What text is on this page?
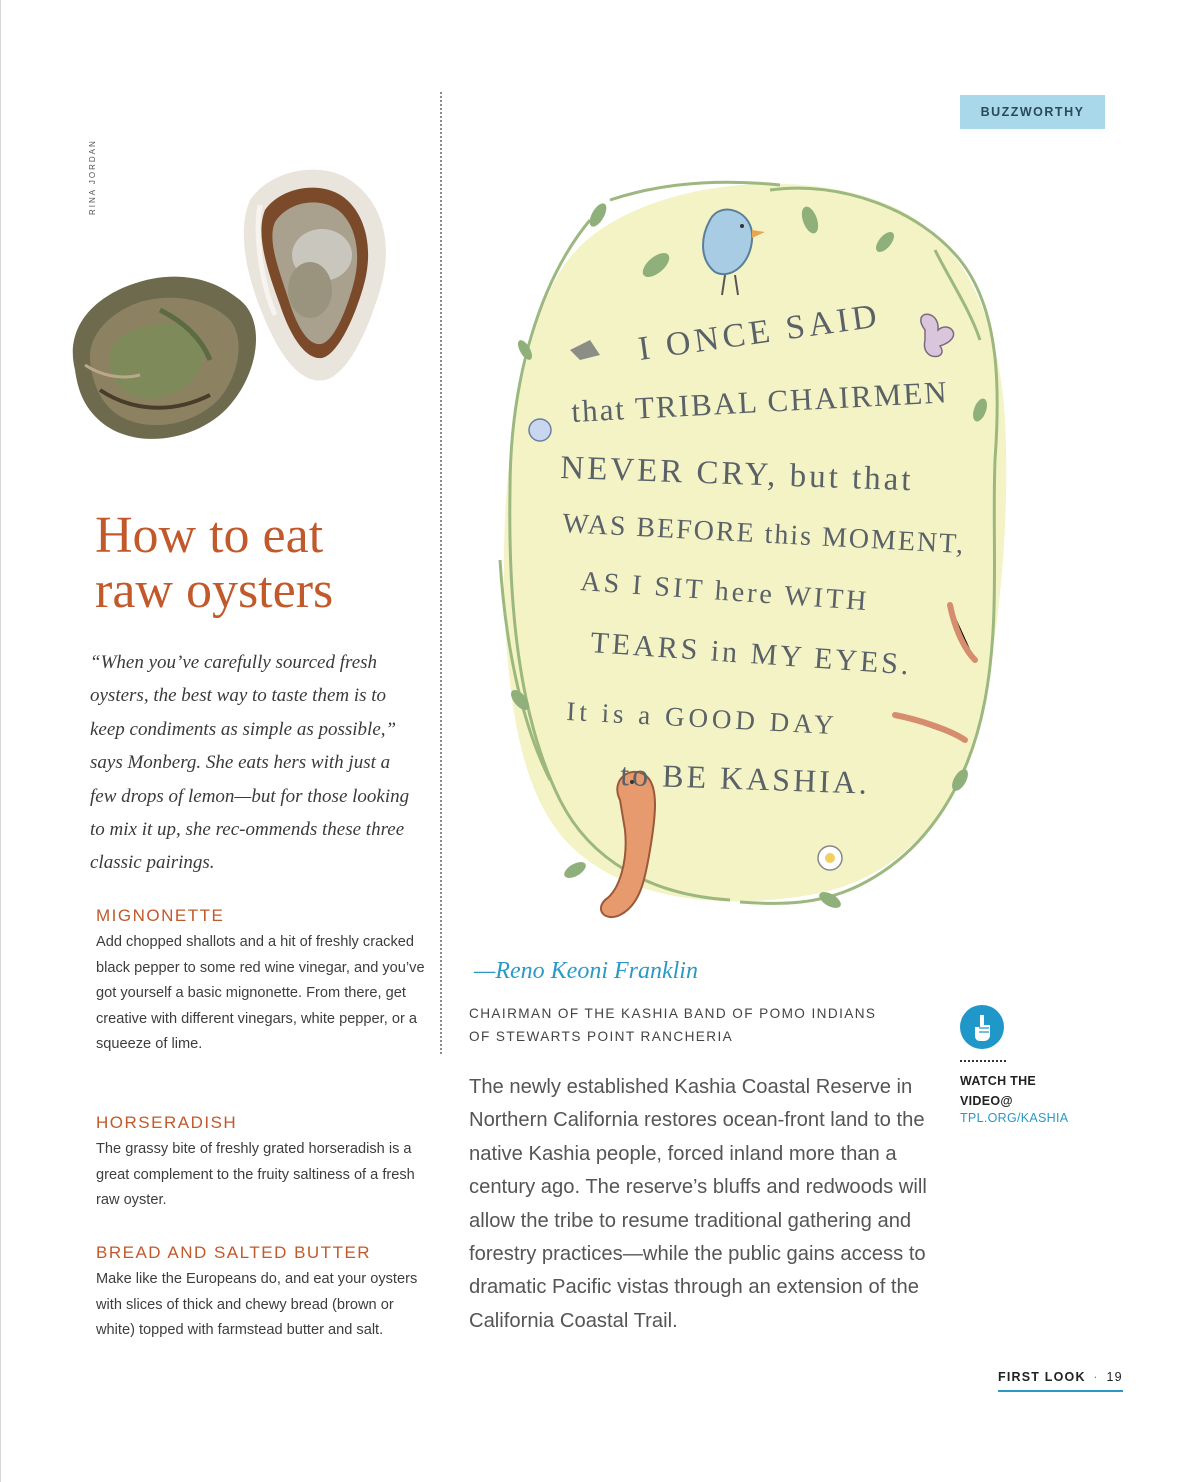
BUZZWORTHY
RINA JORDAN
How to eat
raw oysters

“When you’ve carefully sourced fresh oysters, the best way to taste them is to keep condiments as simple as possible,” says Monberg. She eats hers with just a few drops of lemon—but for those looking to mix it up, she rec-ommends these three classic pairings.

MIGNONETTE

Add chopped shallots and a hit of freshly cracked black pepper to some red wine vinegar, and you’ve got yourself a basic mignonette. From there, get creative with different vinegars, white pepper, or a squeeze of lime.

HORSERADISH

The grassy bite of freshly grated horseradish is a great complement to the fruity saltiness of a fresh raw oyster.

BREAD AND SALTED BUTTER

Make like the Europeans do, and eat your oysters with slices of thick and chewy bread (brown or white) topped with farmstead butter and salt.

I ONCE SAID
that TRIBAL CHAIRMEN
NEVER CRY, but that
WAS BEFORE this MOMENT,
AS I SIT here WITH
TEARS in MY EYES.
It is a GOOD DAY
to BE KASHIA.
—Reno Keoni Franklin
CHAIRMAN OF THE KASHIA BAND OF POMO INDIANS OF STEWARTS POINT RANCHERIA

The newly established Kashia Coastal Reserve in Northern California restores ocean-front land to the native Kashia people, forced inland more than a century ago. The reserve’s bluffs and redwoods will allow the tribe to resume traditional gathering and forestry practices—while the public gains access to dramatic Pacific vistas through an extension of the California Coastal Trail.

WATCH THE VIDEO@
TPL.ORG/KASHIA
FIRST LOOK · 19
